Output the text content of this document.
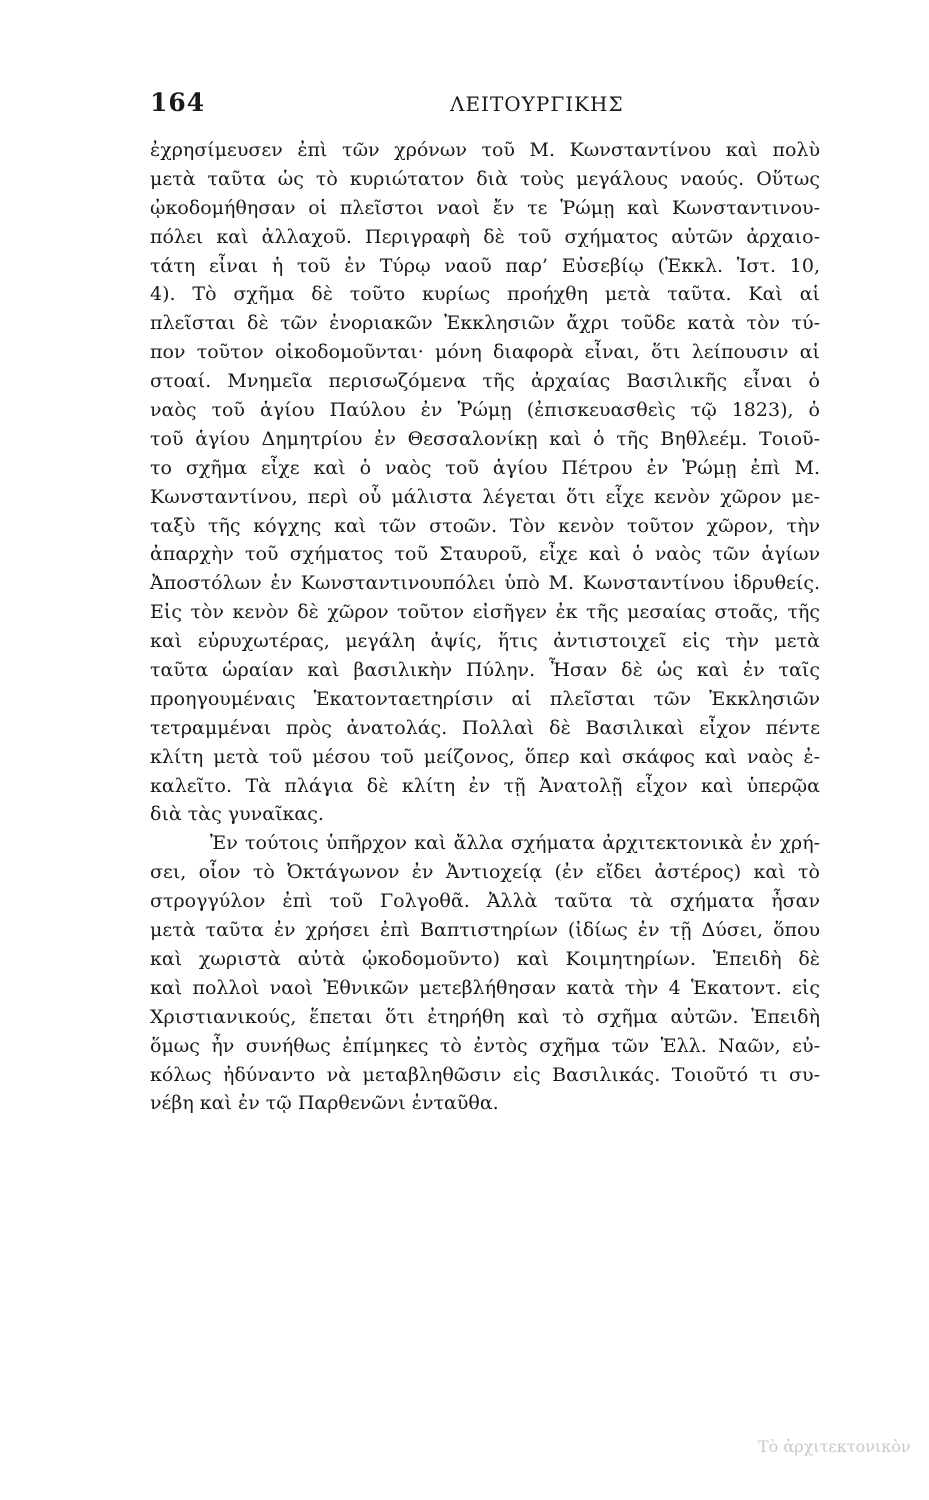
164	ΛΕΙΤΟΥΡΓΙΚΗΣ
ἐχρησίμευσεν ἐπὶ τῶν χρόνων τοῦ Μ. Κωνσταντίνου καὶ πολὺ
μετὰ ταῦτα ὡς τὸ κυριώτατον διὰ τοὺς μεγάλους ναούς. Οὕτως
ᾠκοδομήθησαν οἱ πλεῖστοι ναοὶ ἔν τε Ῥώμῃ καὶ Κωνσταντινου-
πόλει καὶ ἀλλαχοῦ. Περιγραφὴ δὲ τοῦ σχήματος αὐτῶν ἀρχαιο-
τάτη εἶναι ἡ τοῦ ἐν Τύρῳ ναοῦ παρ’ Εὐσεβίῳ (Ἐκκλ. Ἱστ. 10,
4). Τὸ σχῆμα δὲ τοῦτο κυρίως προήχθη μετὰ ταῦτα. Καὶ αἱ
πλεῖσται δὲ τῶν ἐνοριακῶν Ἐκκλησιῶν ἄχρι τοῦδε κατὰ τὸν τύ-
πον τοῦτον οἰκοδομοῦνται· μόνη διαφορὰ εἶναι, ὅτι λείπουσιν αἱ
στοαί. Μνημεῖα περισωζόμενα τῆς ἀρχαίας Βασιλικῆς εἶναι ὁ
ναὸς τοῦ ἁγίου Παύλου ἐν Ῥώμῃ (ἐπισκευασθεὶς τῷ 1823), ὁ
τοῦ ἁγίου Δημητρίου ἐν Θεσσαλονίκῃ καὶ ὁ τῆς Βηθλεέμ. Τοιοῦ-
το σχῆμα εἶχε καὶ ὁ ναὸς τοῦ ἁγίου Πέτρου ἐν Ῥώμῃ ἐπὶ Μ.
Κωνσταντίνου, περὶ οὗ μάλιστα λέγεται ὅτι εἶχε κενὸν χῶρον με-
ταξὺ τῆς κόγχης καὶ τῶν στοῶν. Τὸν κενὸν τοῦτον χῶρον, τὴν
ἀπαρχὴν τοῦ σχήματος τοῦ Σταυροῦ, εἶχε καὶ ὁ ναὸς τῶν ἁγίων
Ἀποστόλων ἐν Κωνσταντινουπόλει ὑπὸ Μ. Κωνσταντίνου ἱδρυθείς.
Εἰς τὸν κενὸν δὲ χῶρον τοῦτον εἰσῆγεν ἐκ τῆς μεσαίας στοᾶς, τῆς
καὶ εὐρυχωτέρας, μεγάλη ἀψίς, ἥτις ἀντιστοιχεῖ εἰς τὴν μετὰ
ταῦτα ὡραίαν καὶ βασιλικὴν Πύλην. Ἦσαν δὲ ὡς καὶ ἐν ταῖς
προηγουμέναις Ἑκατονταετηρίσιν αἱ πλεῖσται τῶν Ἐκκλησιῶν
τετραμμέναι πρὸς ἀνατολάς. Πολλαὶ δὲ Βασιλικαὶ εἶχον πέντε
κλίτη μετὰ τοῦ μέσου τοῦ μείζονος, ὅπερ καὶ σκάφος καὶ ναὸς ἐ-
καλεῖτο. Τὰ πλάγια δὲ κλίτη ἐν τῇ Ἀνατολῇ εἶχον καὶ ὑπερῷα
διὰ τὰς γυναῖκας.
Ἐν τούτοις ὑπῆρχον καὶ ἄλλα σχήματα ἀρχιτεκτονικὰ ἐν χρή-
σει, οἷον τὸ Ὀκτάγωνον ἐν Ἀντιοχείᾳ (ἐν εἴδει ἀστέρος) καὶ τὸ
στρογγύλον ἐπὶ τοῦ Γολγοθᾶ. Ἀλλὰ ταῦτα τὰ σχήματα ἦσαν
μετὰ ταῦτα ἐν χρήσει ἐπὶ Βαπτιστηρίων (ἰδίως ἐν τῇ Δύσει, ὅπου
καὶ χωριστὰ αὐτὰ ᾠκοδομοῦντο) καὶ Κοιμητηρίων. Ἐπειδὴ δὲ
καὶ πολλοὶ ναοὶ Ἐθνικῶν μετεβλήθησαν κατὰ τὴν 4 Ἑκατοντ. εἰς
Χριστιανικούς, ἕπεται ὅτι ἐτηρήθη καὶ τὸ σχῆμα αὐτῶν. Ἐπειδὴ
ὅμως ἦν συνήθως ἐπίμηκες τὸ ἐντὸς σχῆμα τῶν Ἑλλ. Ναῶν, εὐ-
κόλως ἠδύναντο νὰ μεταβληθῶσιν εἰς Βασιλικάς. Τοιοῦτό τι συ-
νέβη καὶ ἐν τῷ Παρθενῶνι ἐνταῦθα.
Τὸ ἀρχιτεκτονικὸν
